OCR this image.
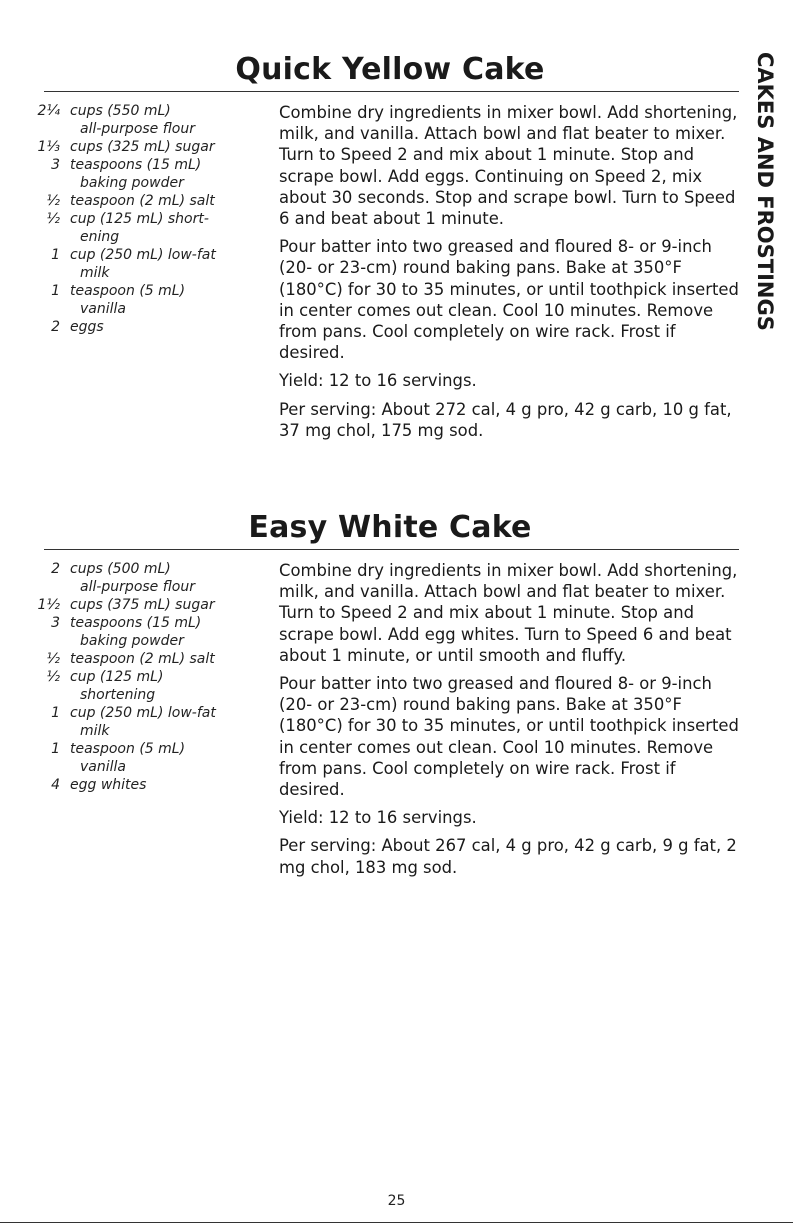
CAKES AND FROSTINGS
Quick Yellow Cake
2¼ cups (550 mL)
all-purpose flour
1⅓ cups (325 mL) sugar
3 teaspoons (15 mL)
baking powder
½ teaspoon (2 mL) salt
½ cup (125 mL) short-
ening
1 cup (250 mL) low-fat
milk
1 teaspoon (5 mL)
vanilla
2 eggs

Combine dry ingredients in mixer bowl. Add shortening, milk, and vanilla. Attach bowl and flat beater to mixer. Turn to Speed 2 and mix about 1 minute. Stop and scrape bowl. Add eggs. Continuing on Speed 2, mix about 30 seconds. Stop and scrape bowl. Turn to Speed 6 and beat about 1 minute.

Pour batter into two greased and floured 8- or 9-inch (20- or 23-cm) round baking pans. Bake at 350°F (180°C) for 30 to 35 minutes, or until toothpick inserted in center comes out clean. Cool 10 minutes. Remove from pans. Cool completely on wire rack. Frost if desired.

Yield: 12 to 16 servings.

Per serving: About 272 cal, 4 g pro, 42 g carb, 10 g fat, 37 mg chol, 175 mg sod.

Easy White Cake
2 cups (500 mL)
all-purpose flour
1½ cups (375 mL) sugar
3 teaspoons (15 mL)
baking powder
½ teaspoon (2 mL) salt
½ cup (125 mL)
shortening
1 cup (250 mL) low-fat
milk
1 teaspoon (5 mL)
vanilla
4 egg whites

Combine dry ingredients in mixer bowl. Add shortening, milk, and vanilla. Attach bowl and flat beater to mixer. Turn to Speed 2 and mix about 1 minute. Stop and scrape bowl. Add egg whites. Turn to Speed 6 and beat about 1 minute, or until smooth and fluffy.

Pour batter into two greased and floured 8- or 9-inch (20- or 23-cm) round baking pans. Bake at 350°F (180°C) for 30 to 35 minutes, or until toothpick inserted in center comes out clean. Cool 10 minutes. Remove from pans. Cool completely on wire rack. Frost if desired.

Yield: 12 to 16 servings.

Per serving: About 267 cal, 4 g pro, 42 g carb, 9 g fat, 2 mg chol, 183 mg sod.

25
